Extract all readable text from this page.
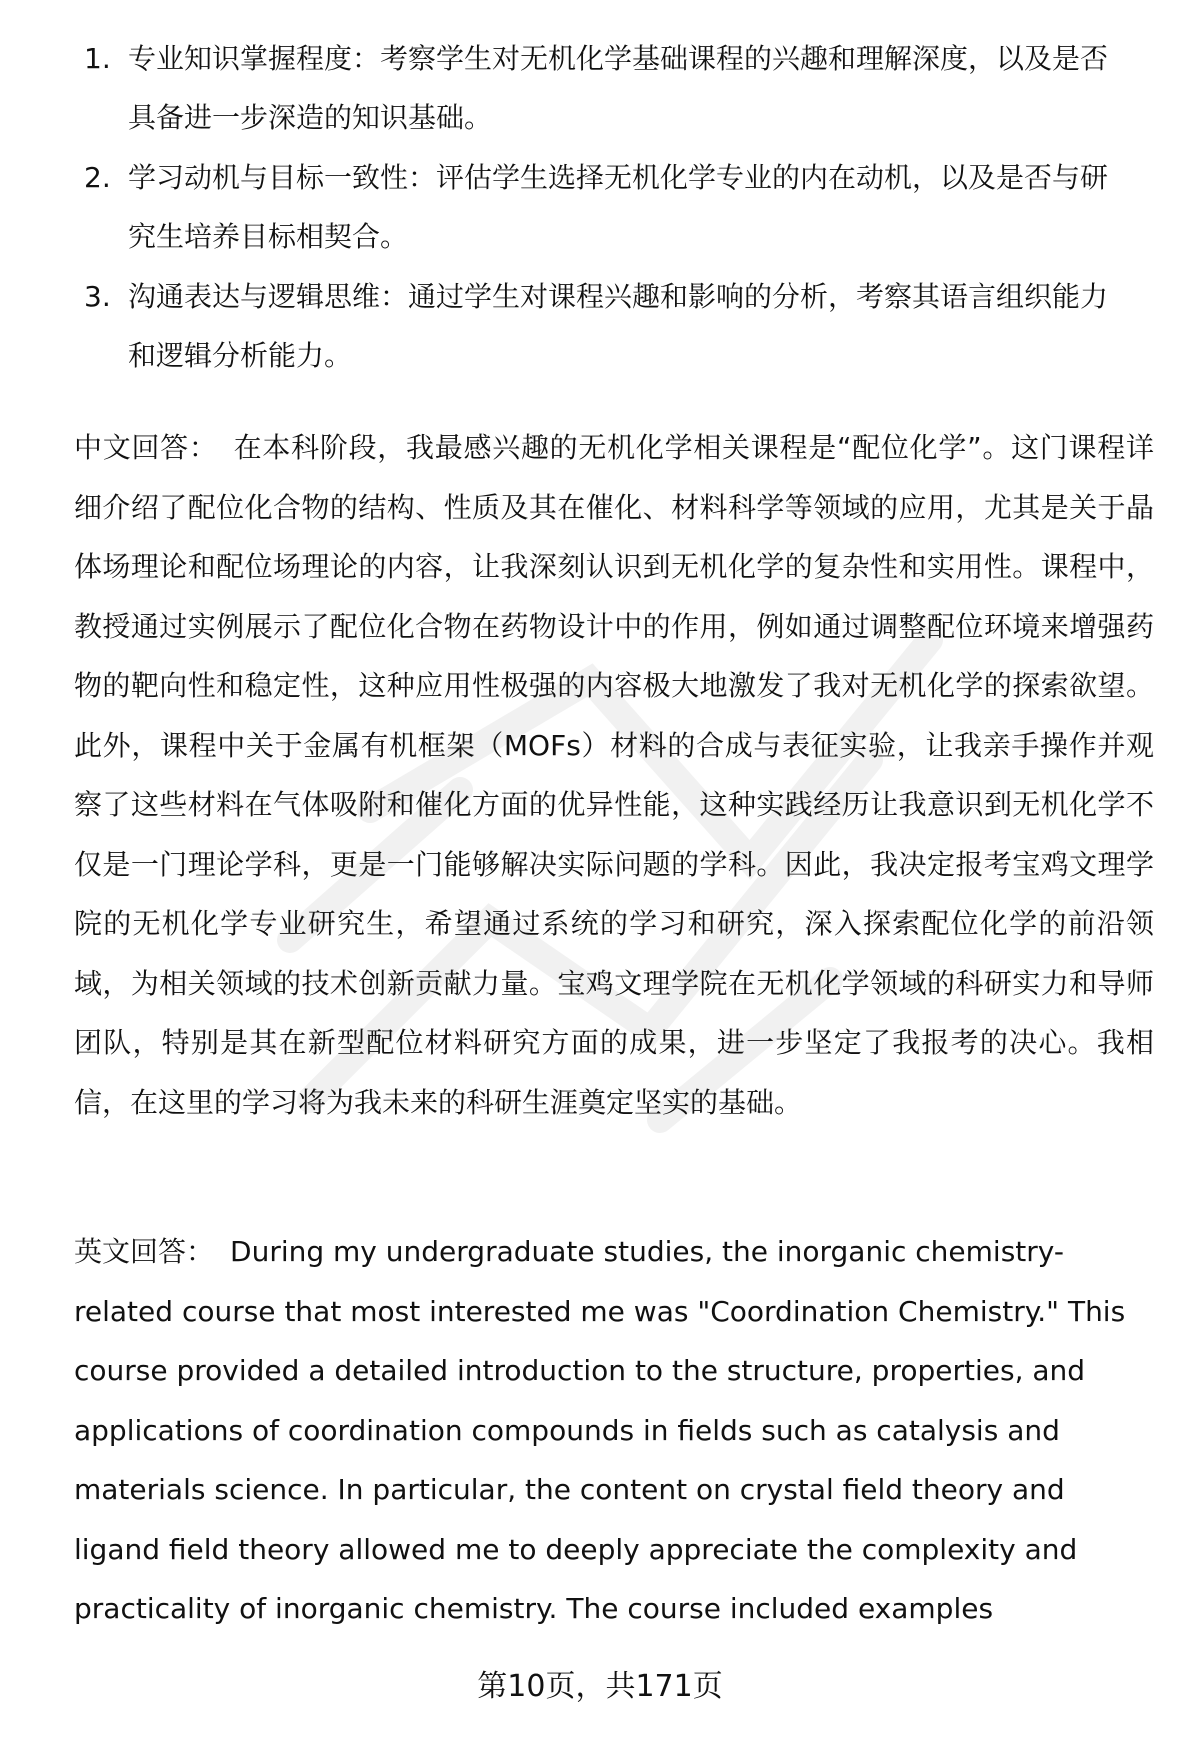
1. 专业知识掌握程度：考察学生对无机化学基础课程的兴趣和理解深度，以及是否具备进一步深造的知识基础。
2. 学习动机与目标一致性：评估学生选择无机化学专业的内在动机，以及是否与研究生培养目标相契合。
3. 沟通表达与逻辑思维：通过学生对课程兴趣和影响的分析，考察其语言组织能力和逻辑分析能力。

中文回答： 在本科阶段，我最感兴趣的无机化学相关课程是“配位化学”。这门课程详细介绍了配位化合物的结构、性质及其在催化、材料科学等领域的应用，尤其是关于晶体场理论和配位场理论的内容，让我深刻认识到无机化学的复杂性和实用性。课程中，教授通过实例展示了配位化合物在药物设计中的作用，例如通过调整配位环境来增强药物的靶向性和稳定性，这种应用性极强的内容极大地激发了我对无机化学的探索欲望。此外，课程中关于金属有机框架（MOFs）材料的合成与表征实验，让我亲手操作并观察了这些材料在气体吸附和催化方面的优异性能，这种实践经历让我意识到无机化学不仅是一门理论学科，更是一门能够解决实际问题的学科。因此，我决定报考宝鸡文理学院的无机化学专业研究生，希望通过系统的学习和研究，深入探索配位化学的前沿领域，为相关领域的技术创新贡献力量。宝鸡文理学院在无机化学领域的科研实力和导师团队，特别是其在新型配位材料研究方面的成果，进一步坚定了我报考的决心。我相信，在这里的学习将为我未来的科研生涯奠定坚实的基础。

英文回答： During my undergraduate studies, the inorganic chemistry-related course that most interested me was "Coordination Chemistry." This course provided a detailed introduction to the structure, properties, and applications of coordination compounds in fields such as catalysis and materials science. In particular, the content on crystal field theory and ligand field theory allowed me to deeply appreciate the complexity and practicality of inorganic chemistry. The course included examples

第10页，共171页
